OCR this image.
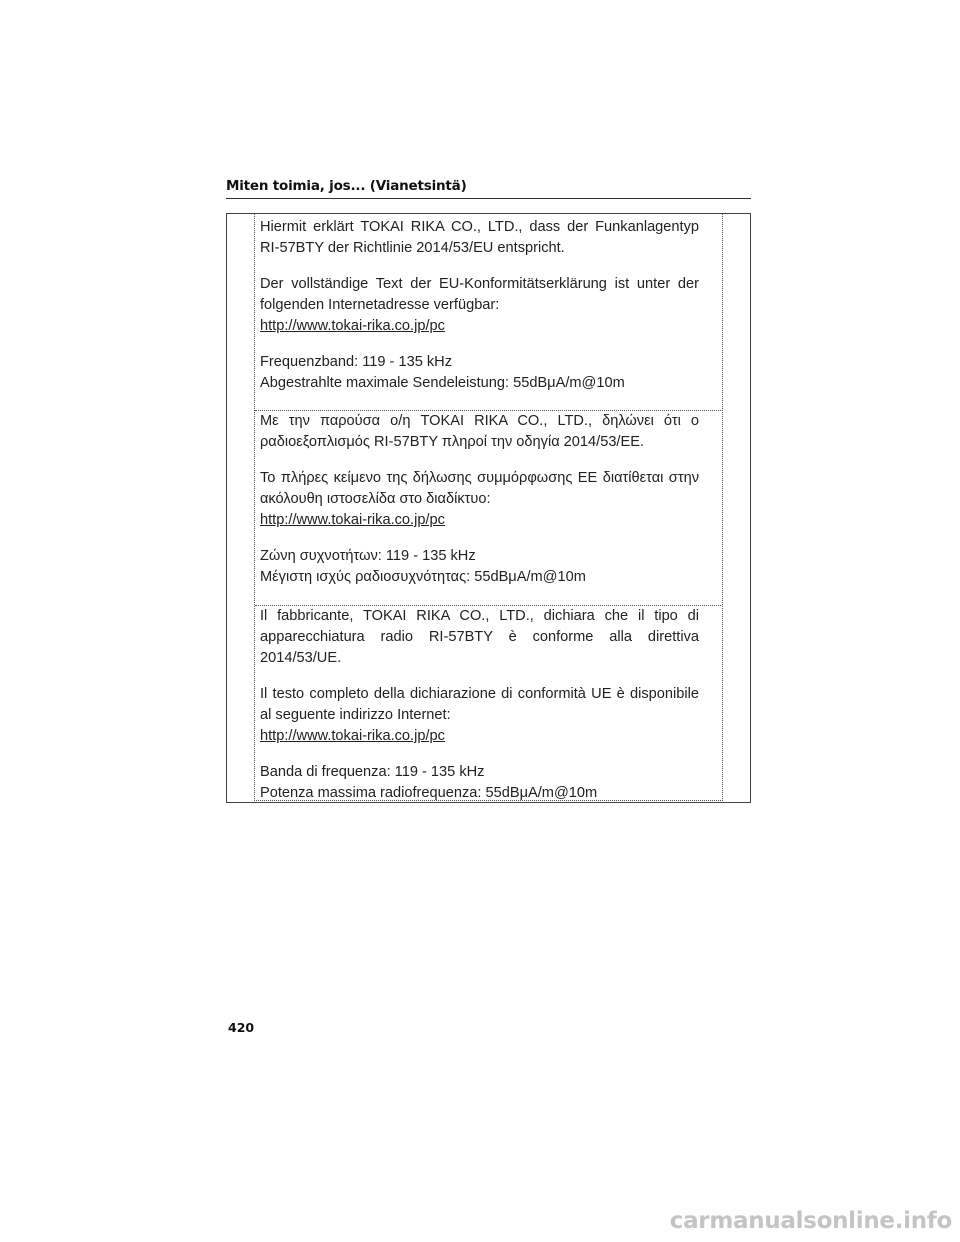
Miten toimia, jos... (Vianetsintä)

Hiermit erklärt TOKAI RIKA CO., LTD., dass der Funkanlagentyp RI-57BTY der Richtlinie 2014/53/EU entspricht.

Der vollständige Text der EU-Konformitätserklärung ist unter der folgenden Internetadresse verfügbar:
http://www.tokai-rika.co.jp/pc

Frequenzband: 119 - 135 kHz
Abgestrahlte maximale Sendeleistung: 55dBμA/m@10m

Με την παρούσα ο/η TOKAI RIKA CO., LTD., δηλώνει ότι ο ραδιοεξοπλισμός RI-57BTY πληροί την οδηγία 2014/53/ΕΕ.

Το πλήρες κείμενο της δήλωσης συμμόρφωσης ΕΕ διατίθεται στην ακόλουθη ιστοσελίδα στο διαδίκτυο:
http://www.tokai-rika.co.jp/pc

Ζώνη συχνοτήτων: 119 - 135 kHz
Μέγιστη ισχύς ραδιοσυχνότητας: 55dBμA/m@10m

Il fabbricante, TOKAI RIKA CO., LTD., dichiara che il tipo di apparecchiatura radio RI-57BTY è conforme alla direttiva 2014/53/UE.

Il testo completo della dichiarazione di conformità UE è disponibile al seguente indirizzo Internet:
http://www.tokai-rika.co.jp/pc

Banda di frequenza: 119 - 135 kHz
Potenza massima radiofrequenza: 55dBμA/m@10m

420
carmanualsonline.info
